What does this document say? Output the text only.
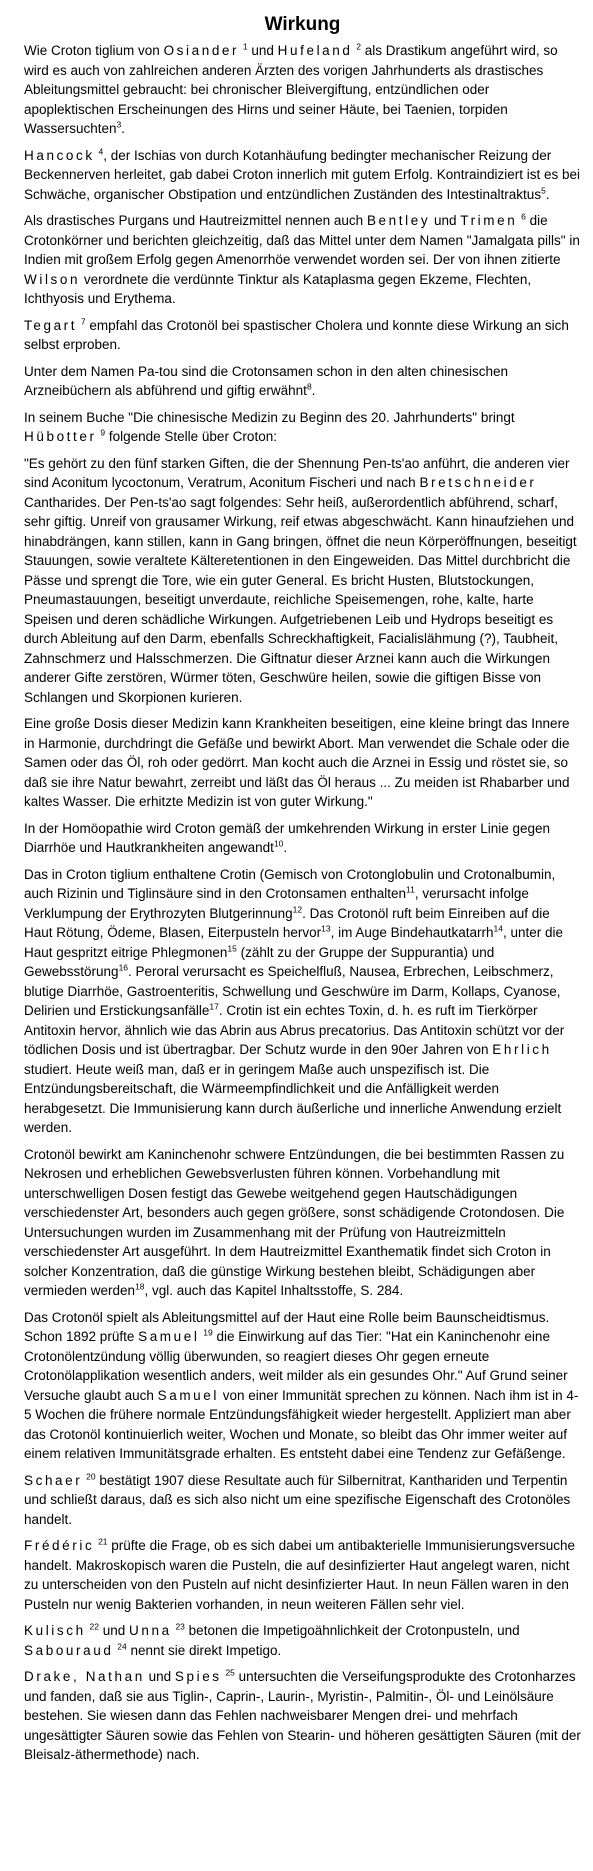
Wirkung

Wie Croton tiglium von Osiander $^1$ und Hufeland $^2$ als Drastikum angeführt wird, so wird es auch von zahlreichen anderen Ärzten des vorigen Jahrhunderts als drastisches Ableitungsmittel gebraucht: bei chronischer Bleivergiftung, entzündlichen oder apoplektischen Erscheinungen des Hirns und seiner Häute, bei Taenien, torpiden Wassersuchten$^3$.

Hancock $^4$, der Ischias von durch Kotanhäufung bedingter mechanischer Reizung der Beckennerven herleitet, gab dabei Croton innerlich mit gutem Erfolg. Kontraindiziert ist es bei Schwäche, organischer Obstipation und entzündlichen Zuständen des Intestinaltraktus$^5$.

Als drastisches Purgans und Hautreizmittel nennen auch Bentley und Trimen $^6$ die Crotonkörner und berichten gleichzeitig, daß das Mittel unter dem Namen "Jamalgata pills" in Indien mit großem Erfolg gegen Amenorrhöe verwendet worden sei. Der von ihnen zitierte Wilson verordnete die verdünnte Tinktur als Kataplasma gegen Ekzeme, Flechten, Ichthyosis und Erythema.

Tegart $^7$ empfahl das Crotonöl bei spastischer Cholera und konnte diese Wirkung an sich selbst erproben.

Unter dem Namen Pa-tou sind die Crotonsamen schon in den alten chinesischen Arzneibüchern als abführend und giftig erwähnt$^8$.

In seinem Buche "Die chinesische Medizin zu Beginn des 20. Jahrhunderts" bringt Hübotter $^9$ folgende Stelle über Croton:

"Es gehört zu den fünf starken Giften, die der Shennung Pen-ts'ao anführt, die anderen vier sind Aconitum lycoctonum, Veratrum, Aconitum Fischeri und nach Bretschneider Cantharides. Der Pen-ts'ao sagt folgendes: Sehr heiß, außerordentlich abführend, scharf, sehr giftig. Unreif von grausamer Wirkung, reif etwas abgeschwächt. Kann hinaufziehen und hinabdrängen, kann stillen, kann in Gang bringen, öffnet die neun Körperöffnungen, beseitigt Stauungen, sowie veraltete Kälteretentionen in den Eingeweiden. Das Mittel durchbricht die Pässe und sprengt die Tore, wie ein guter General. Es bricht Husten, Blutstockungen, Pneumastauungen, beseitigt unverdaute, reichliche Speisemengen, rohe, kalte, harte Speisen und deren schädliche Wirkungen. Aufgetriebenen Leib und Hydrops beseitigt es durch Ableitung auf den Darm, ebenfalls Schreckhaftigkeit, Facialislähmung (?), Taubheit, Zahnschmerz und Halsschmerzen. Die Giftnatur dieser Arznei kann auch die Wirkungen anderer Gifte zerstören, Würmer töten, Geschwüre heilen, sowie die giftigen Bisse von Schlangen und Skorpionen kurieren.

Eine große Dosis dieser Medizin kann Krankheiten beseitigen, eine kleine bringt das Innere in Harmonie, durchdringt die Gefäße und bewirkt Abort. Man verwendet die Schale oder die Samen oder das Öl, roh oder gedörrt. Man kocht auch die Arznei in Essig und röstet sie, so daß sie ihre Natur bewahrt, zerreibt und läßt das Öl heraus ... Zu meiden ist Rhabarber und kaltes Wasser. Die erhitzte Medizin ist von guter Wirkung."

In der Homöopathie wird Croton gemäß der umkehrenden Wirkung in erster Linie gegen Diarrhöe und Hautkrankheiten angewandt$^{10}$.

Das in Croton tiglium enthaltene Crotin (Gemisch von Crotonglobulin und Crotonalbumin, auch Rizinin und Tiglinsäure sind in den Crotonsamen enthalten$^{11}$, verursacht infolge Verklumpung der Erythrozyten Blutgerinnung$^{12}$. Das Crotonöl ruft beim Einreiben auf die Haut Rötung, Ödeme, Blasen, Eiterpusteln hervor$^{13}$, im Auge Bindehautkatarrh$^{14}$, unter die Haut gespritzt eitrige Phlegmonen$^{15}$ (zählt zu der Gruppe der Suppurantia) und Gewebsstörung$^{16}$. Peroral verursacht es Speichelfluß, Nausea, Erbrechen, Leibschmerz, blutige Diarrhöe, Gastroenteritis, Schwellung und Geschwüre im Darm, Kollaps, Cyanose, Delirien und Erstickungsanfälle$^{17}$. Crotin ist ein echtes Toxin, d. h. es ruft im Tierkörper Antitoxin hervor, ähnlich wie das Abrin aus Abrus precatorius. Das Antitoxin schützt vor der tödlichen Dosis und ist übertragbar. Der Schutz wurde in den 90er Jahren von Ehrlich studiert. Heute weiß man, daß er in geringem Maße auch unspezifisch ist. Die Entzündungsbereitschaft, die Wärmeempfindlichkeit und die Anfälligkeit werden herabgesetzt. Die Immunisierung kann durch äußerliche und innerliche Anwendung erzielt werden.

Crotonöl bewirkt am Kaninchenohr schwere Entzündungen, die bei bestimmten Rassen zu Nekrosen und erheblichen Gewebsverlusten führen können. Vorbehandlung mit unterschwelligen Dosen festigt das Gewebe weitgehend gegen Hautschädigungen verschiedenster Art, besonders auch gegen größere, sonst schädigende Crotondosen. Die Untersuchungen wurden im Zusammenhang mit der Prüfung von Hautreizmitteln verschiedenster Art ausgeführt. In dem Hautreizmittel Exanthematik findet sich Croton in solcher Konzentration, daß die günstige Wirkung bestehen bleibt, Schädigungen aber vermieden werden$^{18}$, vgl. auch das Kapitel Inhaltsstoffe, S. 284.

Das Crotonöl spielt als Ableitungsmittel auf der Haut eine Rolle beim Baunscheidtismus. Schon 1892 prüfte Samuel $^{19}$ die Einwirkung auf das Tier: "Hat ein Kaninchenohr eine Crotonölentzündung völlig überwunden, so reagiert dieses Ohr gegen erneute Crotonölapplikation wesentlich anders, weit milder als ein gesundes Ohr." Auf Grund seiner Versuche glaubt auch Samuel von einer Immunität sprechen zu können. Nach ihm ist in 4-5 Wochen die frühere normale Entzündungsfähigkeit wieder hergestellt. Appliziert man aber das Crotonöl kontinuierlich weiter, Wochen und Monate, so bleibt das Ohr immer weiter auf einem relativen Immunitätsgrade erhalten. Es entsteht dabei eine Tendenz zur Gefäßenge.

Schaer $^{20}$ bestätigt 1907 diese Resultate auch für Silbernitrat, Kanthariden und Terpentin und schließt daraus, daß es sich also nicht um eine spezifische Eigenschaft des Crotonöles handelt.

Frédéric $^{21}$ prüfte die Frage, ob es sich dabei um antibakterielle Immunisierungsversuche handelt. Makroskopisch waren die Pusteln, die auf desinfizierter Haut angelegt waren, nicht zu unterscheiden von den Pusteln auf nicht desinfizierter Haut. In neun Fällen waren in den Pusteln nur wenig Bakterien vorhanden, in neun weiteren Fällen sehr viel.

Kulisch $^{22}$ und Unna $^{23}$ betonen die Impetigoähnlichkeit der Crotonpusteln, und Sabouraud $^{24}$ nennt sie direkt Impetigo.

Drake, Nathan und Spies $^{25}$ untersuchten die Verseifungsprodukte des Crotonharzes und fanden, daß sie aus Tiglin-, Caprin-, Laurin-, Myristin-, Palmitin-, Öl- und Leinölsäure bestehen. Sie wiesen dann das Fehlen nachweisbarer Mengen drei- und mehrfach ungesättigter Säuren sowie das Fehlen von Stearin- und höheren gesättigten Säuren (mit der Bleisalz-äthermethode) nach.
